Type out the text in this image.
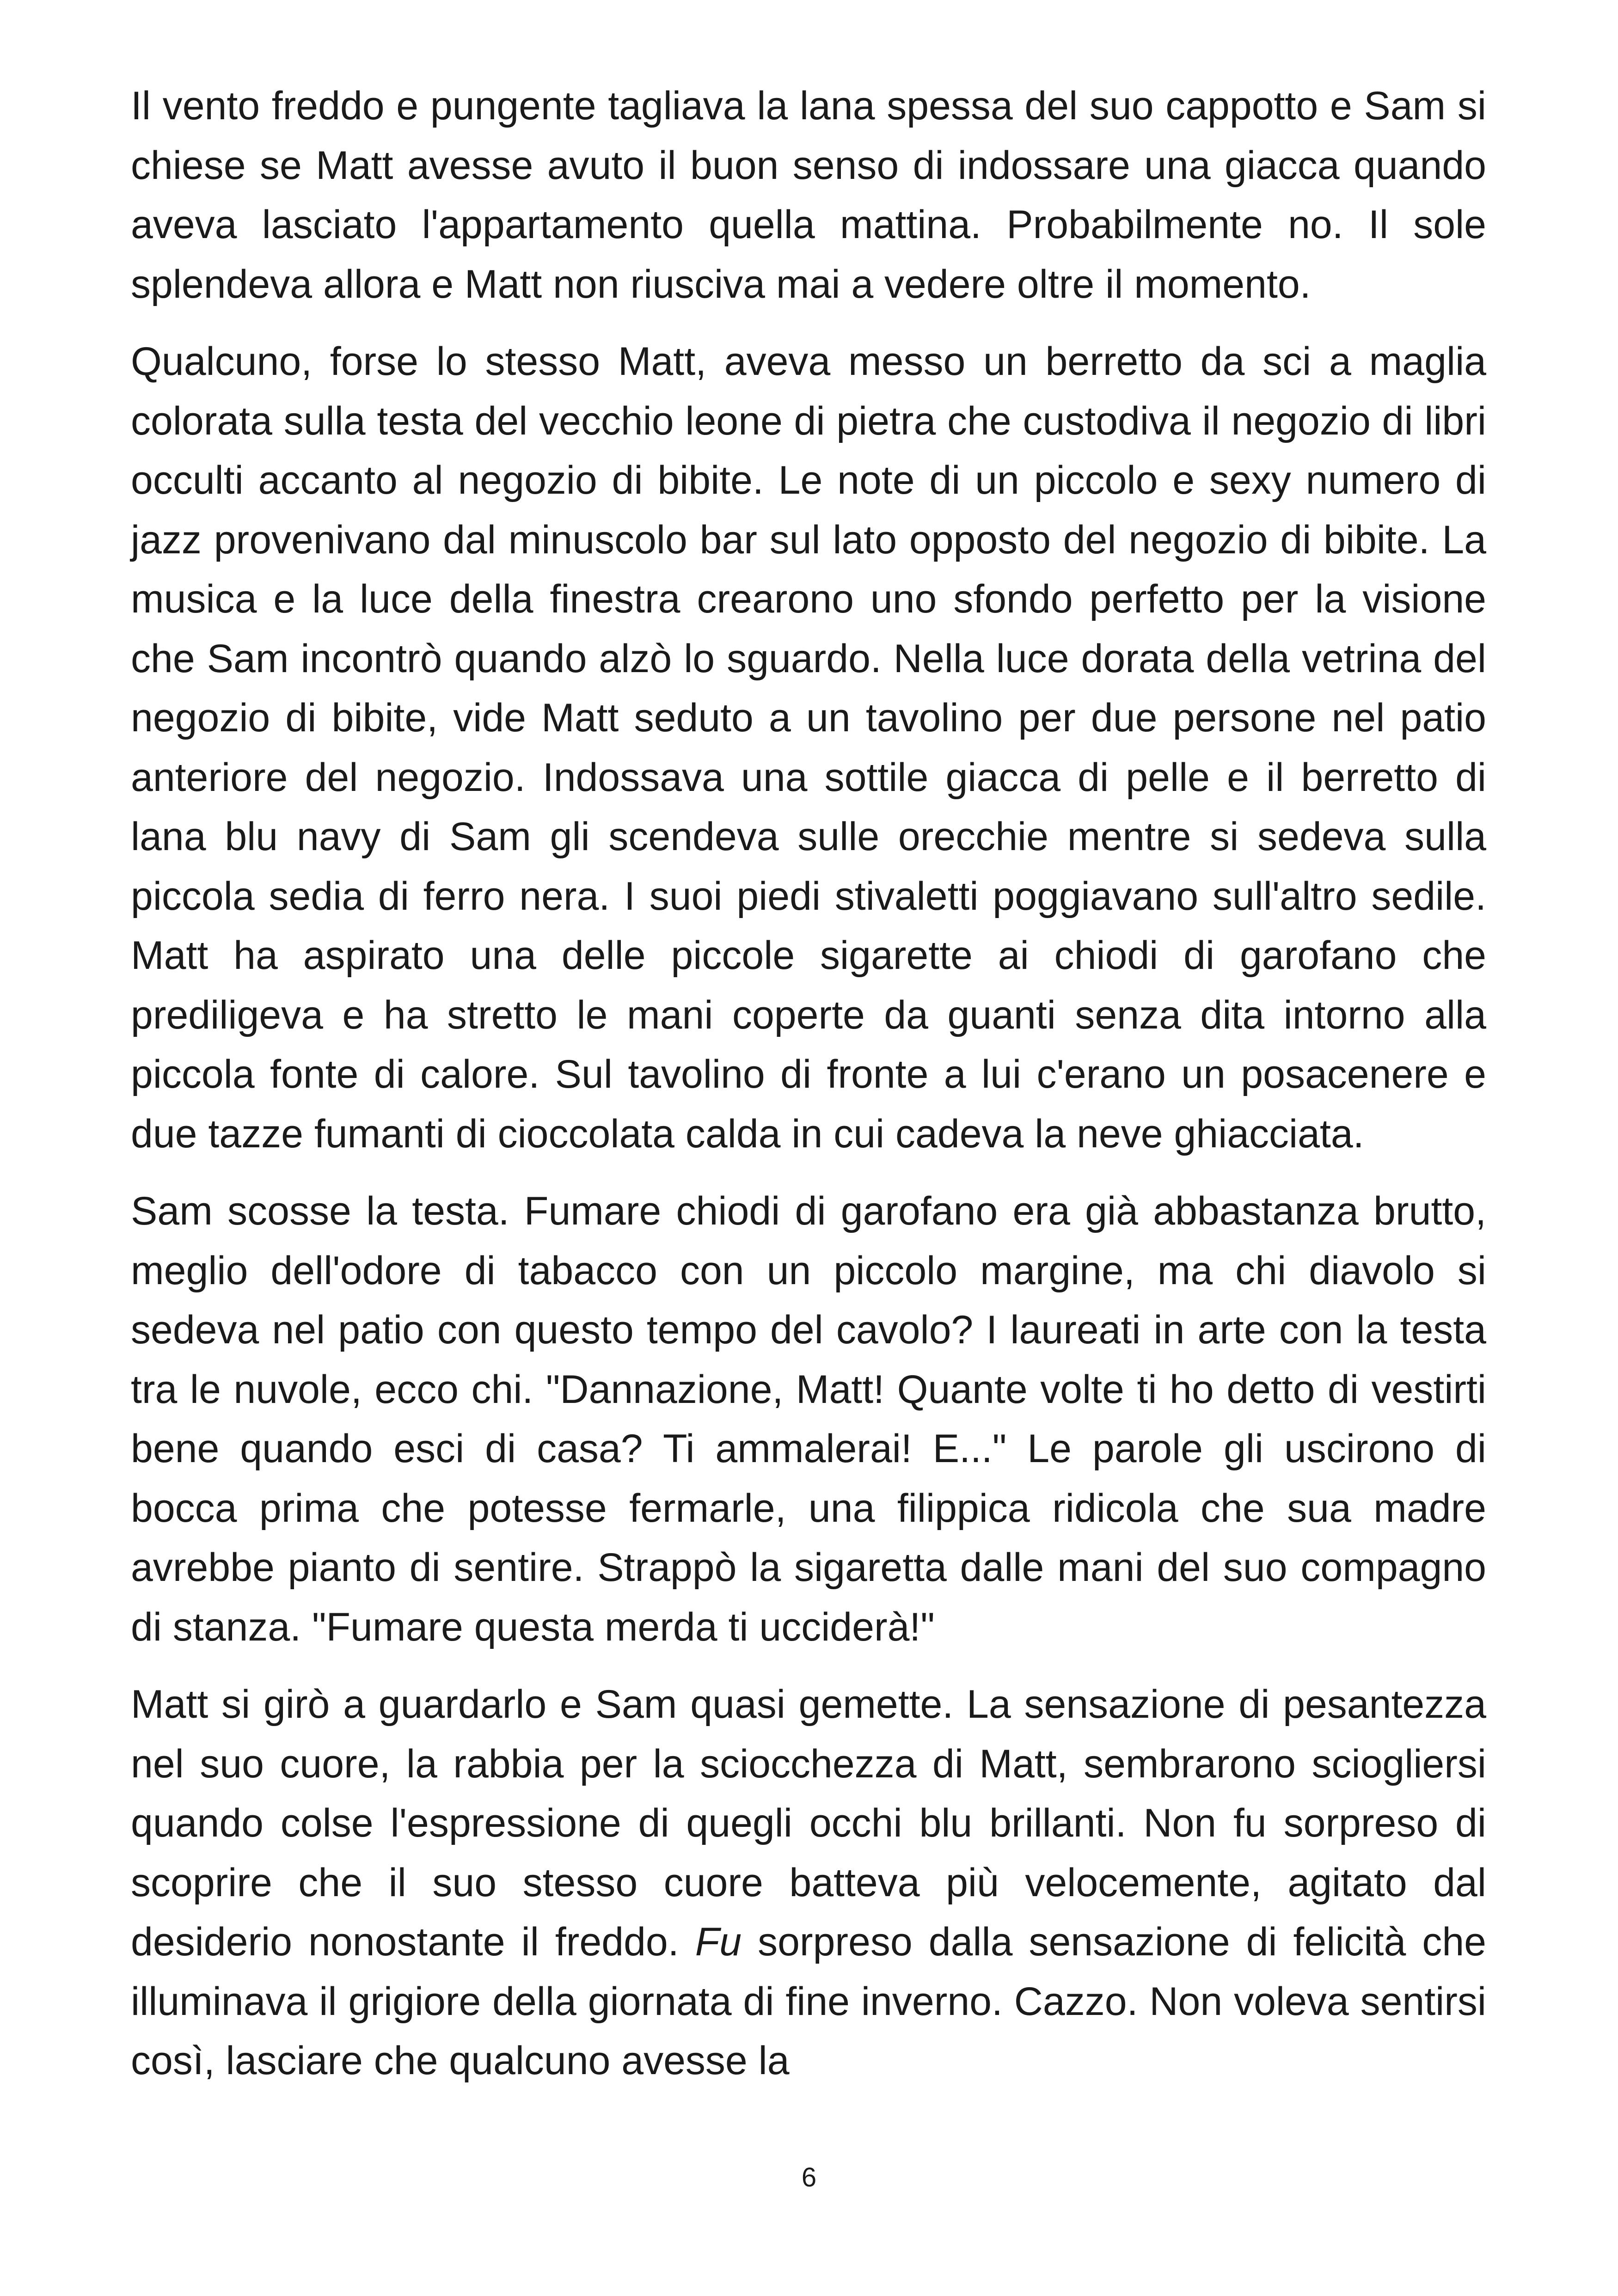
Il vento freddo e pungente tagliava la lana spessa del suo cappotto e Sam si chiese se Matt avesse avuto il buon senso di indossare una giacca quando aveva lasciato l'appartamento quella mattina. Probabilmente no. Il sole splendeva allora e Matt non riusciva mai a vedere oltre il momento.

Qualcuno, forse lo stesso Matt, aveva messo un berretto da sci a maglia colorata sulla testa del vecchio leone di pietra che custodiva il negozio di libri occulti accanto al negozio di bibite. Le note di un piccolo e sexy numero di jazz provenivano dal minuscolo bar sul lato opposto del negozio di bibite. La musica e la luce della finestra crearono uno sfondo perfetto per la visione che Sam incontrò quando alzò lo sguardo. Nella luce dorata della vetrina del negozio di bibite, vide Matt seduto a un tavolino per due persone nel patio anteriore del negozio. Indossava una sottile giacca di pelle e il berretto di lana blu navy di Sam gli scendeva sulle orecchie mentre si sedeva sulla piccola sedia di ferro nera. I suoi piedi stivaletti poggiavano sull'altro sedile. Matt ha aspirato una delle piccole sigarette ai chiodi di garofano che prediligeva e ha stretto le mani coperte da guanti senza dita intorno alla piccola fonte di calore. Sul tavolino di fronte a lui c'erano un posacenere e due tazze fumanti di cioccolata calda in cui cadeva la neve ghiacciata.

Sam scosse la testa. Fumare chiodi di garofano era già abbastanza brutto, meglio dell'odore di tabacco con un piccolo margine, ma chi diavolo si sedeva nel patio con questo tempo del cavolo? I laureati in arte con la testa tra le nuvole, ecco chi. "Dannazione, Matt! Quante volte ti ho detto di vestirti bene quando esci di casa? Ti ammalerai! E..." Le parole gli uscirono di bocca prima che potesse fermarle, una filippica ridicola che sua madre avrebbe pianto di sentire. Strappò la sigaretta dalle mani del suo compagno di stanza. "Fumare questa merda ti ucciderà!"

Matt si girò a guardarlo e Sam quasi gemette. La sensazione di pesantezza nel suo cuore, la rabbia per la sciocchezza di Matt, sembrarono sciogliersi quando colse l'espressione di quegli occhi blu brillanti. Non fu sorpreso di scoprire che il suo stesso cuore batteva più velocemente, agitato dal desiderio nonostante il freddo. Fu sorpreso dalla sensazione di felicità che illuminava il grigiore della giornata di fine inverno. Cazzo. Non voleva sentirsi così, lasciare che qualcuno avesse la

6
